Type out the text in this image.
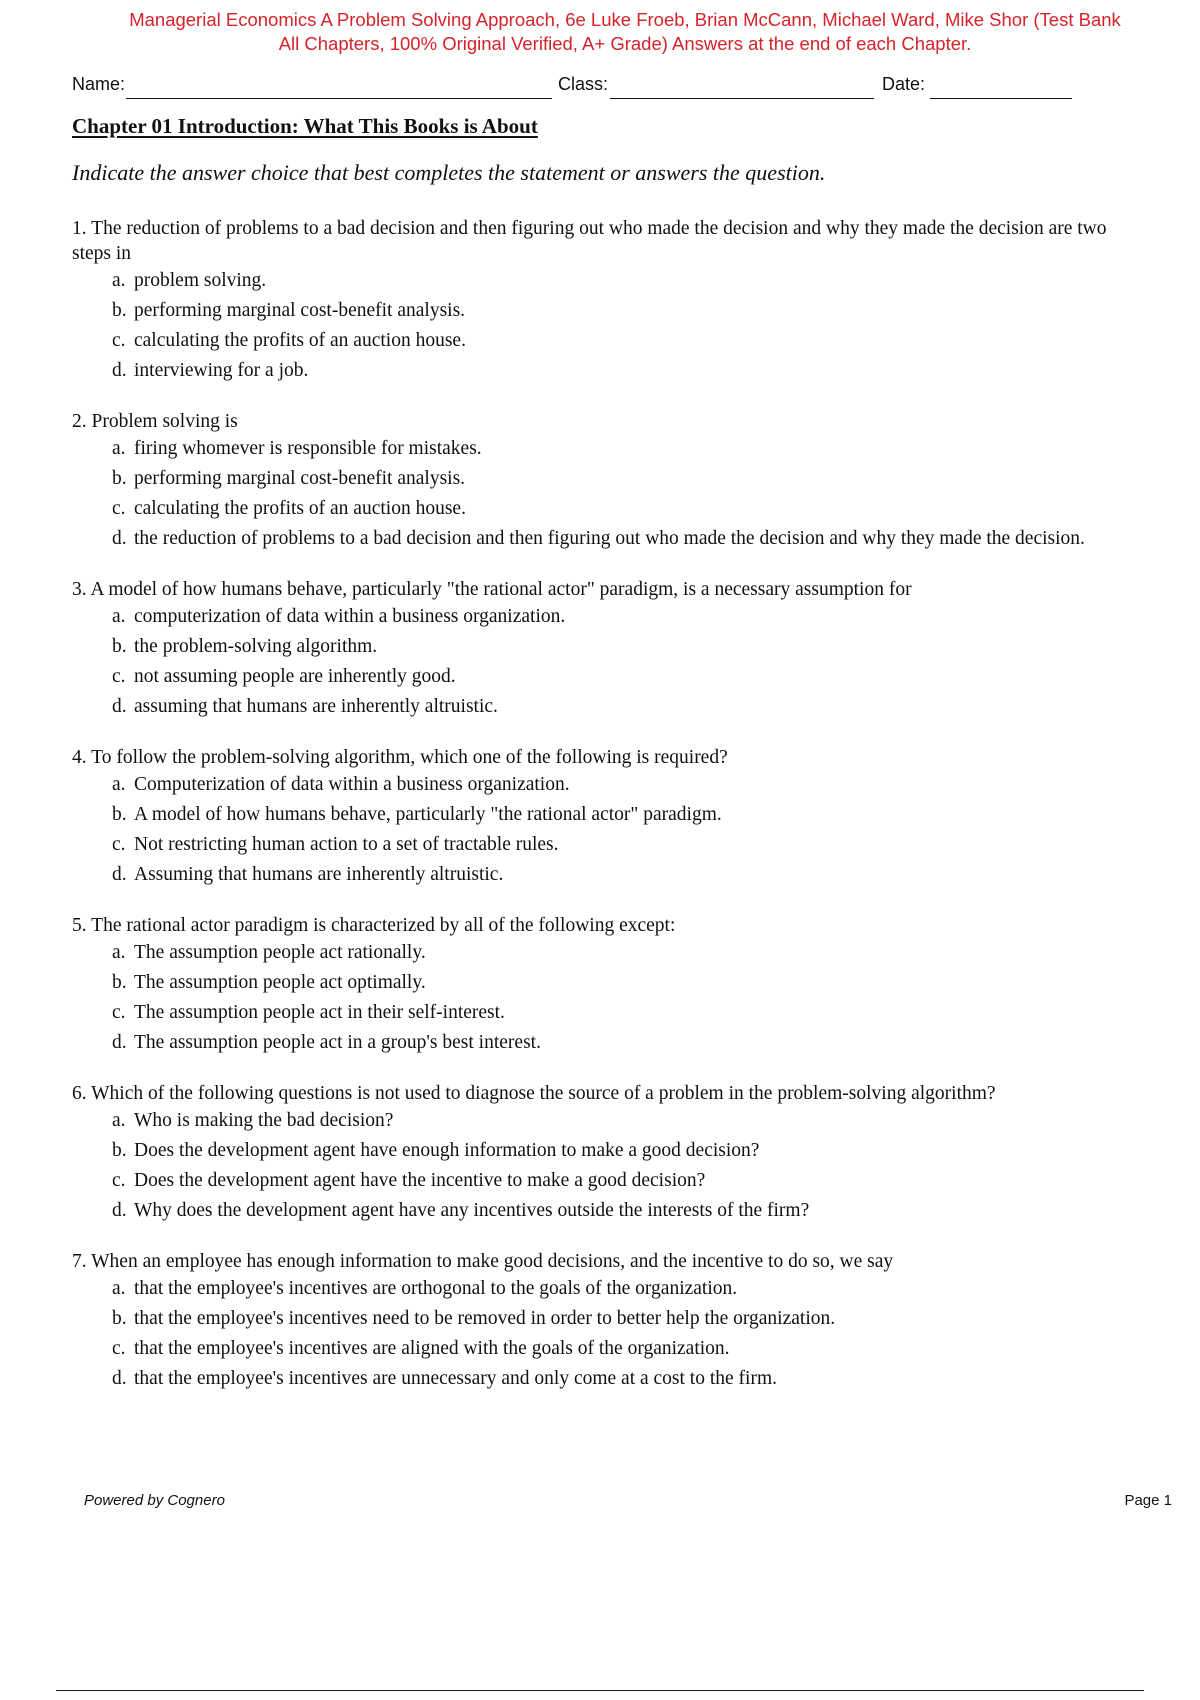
Managerial Economics A Problem Solving Approach, 6e Luke Froeb, Brian McCann, Michael Ward, Mike Shor (Test Bank
All Chapters, 100% Original Verified, A+ Grade) Answers at the end of each Chapter.
Name:	Class:	Date:
Chapter 01 Introduction: What This Books is About
Indicate the answer choice that best completes the statement or answers the question.

1. The reduction of problems to a bad decision and then figuring out who made the decision and why they made the decision are two steps in

a. problem solving.
b. performing marginal cost-benefit analysis.
c. calculating the profits of an auction house.
d. interviewing for a job.

2. Problem solving is

a. firing whomever is responsible for mistakes.
b. performing marginal cost-benefit analysis.
c. calculating the profits of an auction house.
d. the reduction of problems to a bad decision and then figuring out who made the decision and why they made the decision.

3. A model of how humans behave, particularly "the rational actor" paradigm, is a necessary assumption for

a. computerization of data within a business organization.
b. the problem-solving algorithm.
c. not assuming people are inherently good.
d. assuming that humans are inherently altruistic.

4. To follow the problem-solving algorithm, which one of the following is required?

a. Computerization of data within a business organization.
b. A model of how humans behave, particularly "the rational actor" paradigm.
c. Not restricting human action to a set of tractable rules.
d. Assuming that humans are inherently altruistic.

5. The rational actor paradigm is characterized by all of the following except:

a. The assumption people act rationally.
b. The assumption people act optimally.
c. The assumption people act in their self-interest.
d. The assumption people act in a group's best interest.

6. Which of the following questions is not used to diagnose the source of a problem in the problem-solving algorithm?

a. Who is making the bad decision?
b. Does the development agent have enough information to make a good decision?
c. Does the development agent have the incentive to make a good decision?
d. Why does the development agent have any incentives outside the interests of the firm?

7. When an employee has enough information to make good decisions, and the incentive to do so, we say

a. that the employee's incentives are orthogonal to the goals of the organization.
b. that the employee's incentives need to be removed in order to better help the organization.
c. that the employee's incentives are aligned with the goals of the organization.
d. that the employee's incentives are unnecessary and only come at a cost to the firm.
Powered by Cognero	Page 1
